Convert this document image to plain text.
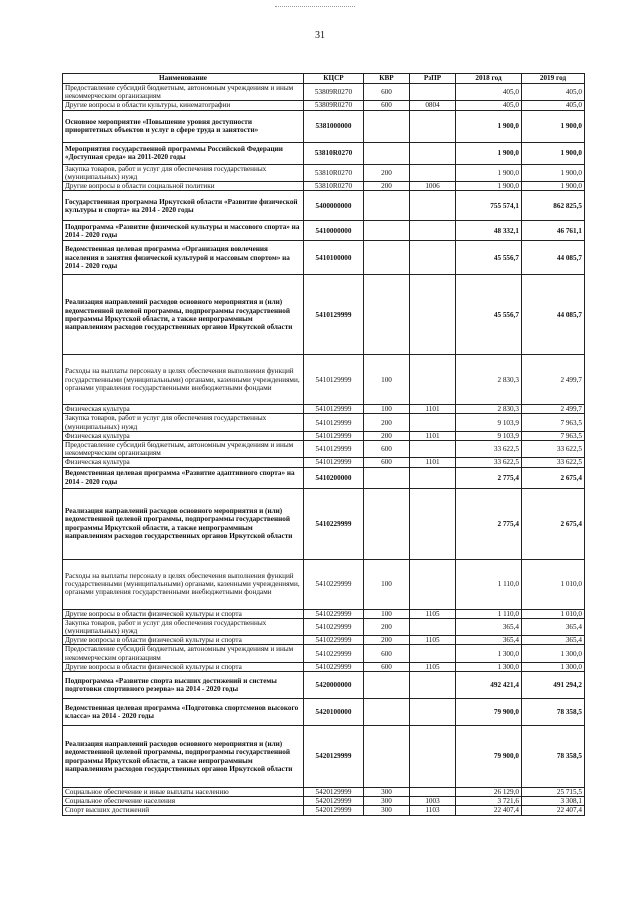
31
Наименование	КЦСР	КВР	РзПР	2018 год	2019 год
Предоставление субсидий бюджетным, автономным учреждениям и иным некоммерческим организациям	53809R0270	600		405,0	405,0
Другие вопросы в области культуры, кинематографии	53809R0270	600	0804	405,0	405,0
Основное мероприятие «Повышение уровня доступности приоритетных объектов и услуг в сфере труда и занятости»	5381000000			1 900,0	1 900,0
Мероприятия государственной программы Российской Федерации «Доступная среда» на 2011-2020 годы	53810R0270			1 900,0	1 900,0
Закупка товаров, работ и услуг для обеспечения государственных (муниципальных) нужд	53810R0270	200		1 900,0	1 900,0
Другие вопросы в области социальной политики	53810R0270	200	1006	1 900,0	1 900,0
Государственная программа Иркутской области «Развитие физической культуры и спорта» на 2014 - 2020 годы	5400000000			755 574,1	862 825,5
Подпрограмма «Развитие физической культуры и массового спорта» на 2014 - 2020 годы	5410000000			48 332,1	46 761,1
Ведомственная целевая программа «Организация вовлечения населения в занятия физической культурой и массовым спортом» на 2014 - 2020 годы	5410100000			45 556,7	44 085,7
Реализация направлений расходов основного мероприятия и (или) ведомственной целевой программы, подпрограммы государственной программы Иркутской области, а также непрограммным направлениям расходов государственных органов Иркутской области	5410129999			45 556,7	44 085,7
Расходы на выплаты персоналу в целях обеспечения выполнения функций государственными (муниципальными) органами, казенными учреждениями, органами управления государственными внебюджетными фондами	5410129999	100		2 830,3	2 499,7
Физическая культура	5410129999	100	1101	2 830,3	2 499,7
Закупка товаров, работ и услуг для обеспечения государственных (муниципальных) нужд	5410129999	200		9 103,9	7 963,5
Физическая культура	5410129999	200	1101	9 103,9	7 963,5
Предоставление субсидий бюджетным, автономным учреждениям и иным некоммерческим организациям	5410129999	600		33 622,5	33 622,5
Физическая культура	5410129999	600	1101	33 622,5	33 622,5
Ведомственная целевая программа «Развитие адаптивного спорта» на 2014 - 2020 годы	5410200000			2 775,4	2 675,4
Реализация направлений расходов основного мероприятия и (или) ведомственной целевой программы, подпрограммы государственной программы Иркутской области, а также непрограммным направлениям расходов государственных органов Иркутской области	5410229999			2 775,4	2 675,4
Расходы на выплаты персоналу в целях обеспечения выполнения функций государственными (муниципальными) органами, казенными учреждениями, органами управления государственными внебюджетными фондами	5410229999	100		1 110,0	1 010,0
Другие вопросы в области физической культуры и спорта	5410229999	100	1105	1 110,0	1 010,0
Закупка товаров, работ и услуг для обеспечения государственных (муниципальных) нужд	5410229999	200		365,4	365,4
Другие вопросы в области физической культуры и спорта	5410229999	200	1105	365,4	365,4
Предоставление субсидий бюджетным, автономным учреждениям и иным некоммерческим организациям	5410229999	600		1 300,0	1 300,0
Другие вопросы в области физической культуры и спорта	5410229999	600	1105	1 300,0	1 300,0
Подпрограмма «Развитие спорта высших достижений и системы подготовки спортивного резерва» на 2014 - 2020 годы	5420000000			492 421,4	491 294,2
Ведомственная целевая программа «Подготовка спортсменов высокого класса» на 2014 - 2020 годы	5420100000			79 900,0	78 358,5
Реализация направлений расходов основного мероприятия и (или) ведомственной целевой программы, подпрограммы государственной программы Иркутской области, а также непрограммным направлениям расходов государственных органов Иркутской области	5420129999			79 900,0	78 358,5
Социальное обеспечение и иные выплаты населению	5420129999	300		26 129,0	25 715,5
Социальное обеспечение населения	5420129999	300	1003	3 721,6	3 308,1
Спорт высших достижений	5420129999	300	1103	22 407,4	22 407,4
